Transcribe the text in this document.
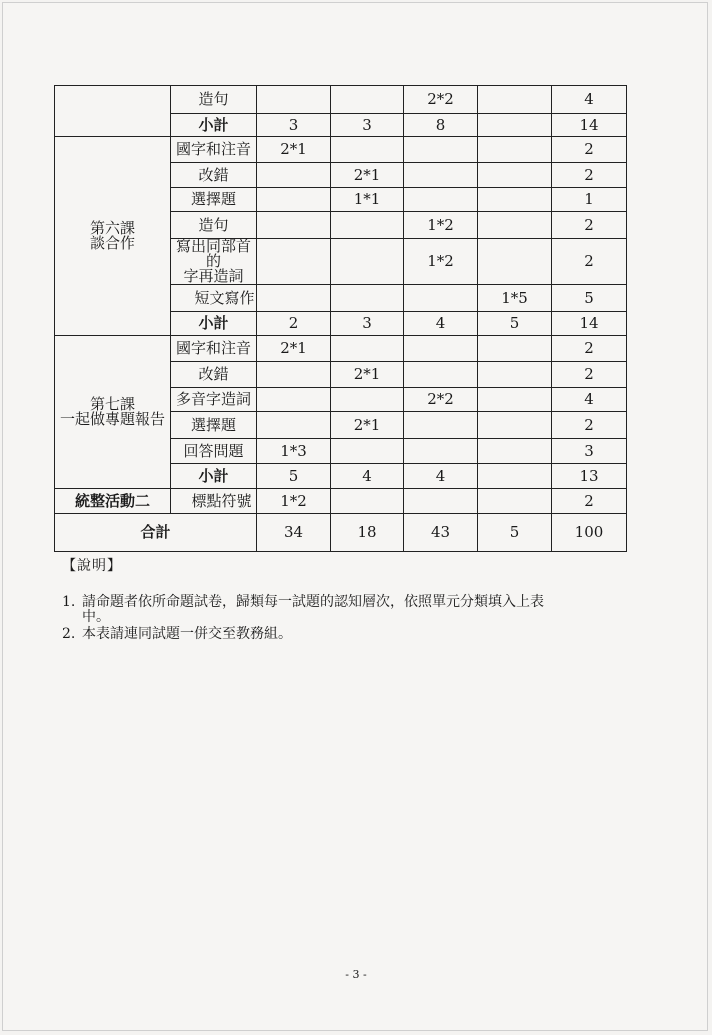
	造句			2*2		4
	小計	3	3	8		14

第六課
談合作	國字和注音	2*1				2
	改錯		2*1			2
	選擇題		1*1			1
	造句			1*2		2

	寫出同部首的
字再造詞			1*2		2
	短文寫作				1*5	5
	小計	2	3	4	5	14

第七課
一起做專題報告	國字和注音	2*1				2
	改錯		2*1			2
	多音字造詞			2*2		4
	選擇題		2*1			2
	回答問題	1*3				3
	小計	5	4	4		13
統整活動二	標點符號	1*2				2
合計		34	18	43	5	100
【說明】
1. 請命題者依所命題試卷，歸類每一試題的認知層次，依照單元分類填入上表
中。
2. 本表請連同試題一併交至教務組。
- 3 -
